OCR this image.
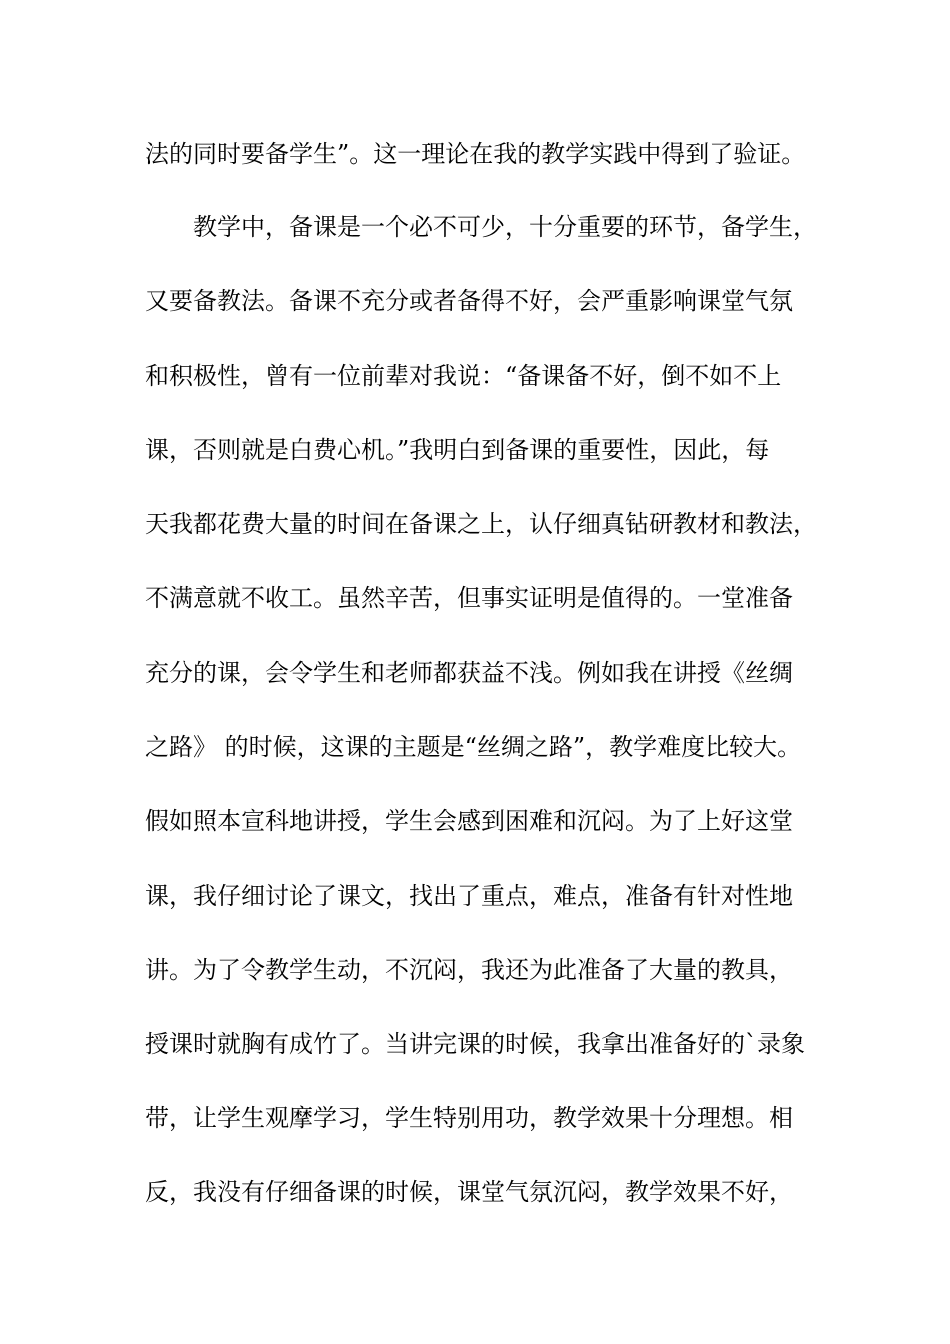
法的同时要备学生”。这一理论在我的教学实践中得到了验证。
教学中，备课是一个必不可少，十分重要的环节，备学生，
又要备教法。备课不充分或者备得不好，会严重影响课堂气氛
和积极性，曾有一位前辈对我说：“备课备不好，倒不如不上
课，否则就是白费心机。”我明白到备课的重要性，因此，每
天我都花费大量的时间在备课之上，认仔细真钻研教材和教法，
不满意就不收工。虽然辛苦，但事实证明是值得的。一堂准备
充分的课，会令学生和老师都获益不浅。例如我在讲授《丝绸
之路》 的时候，这课的主题是“丝绸之路”，教学难度比较大。
假如照本宣科地讲授，学生会感到困难和沉闷。为了上好这堂
课，我仔细讨论了课文，找出了重点，难点，准备有针对性地
讲。为了令教学生动，不沉闷，我还为此准备了大量的教具，
授课时就胸有成竹了。当讲完课的时候，我拿出准备好的`录象
带，让学生观摩学习，学生特别用功，教学效果十分理想。相
反，我没有仔细备课的时候，课堂气氛沉闷，教学效果不好，
